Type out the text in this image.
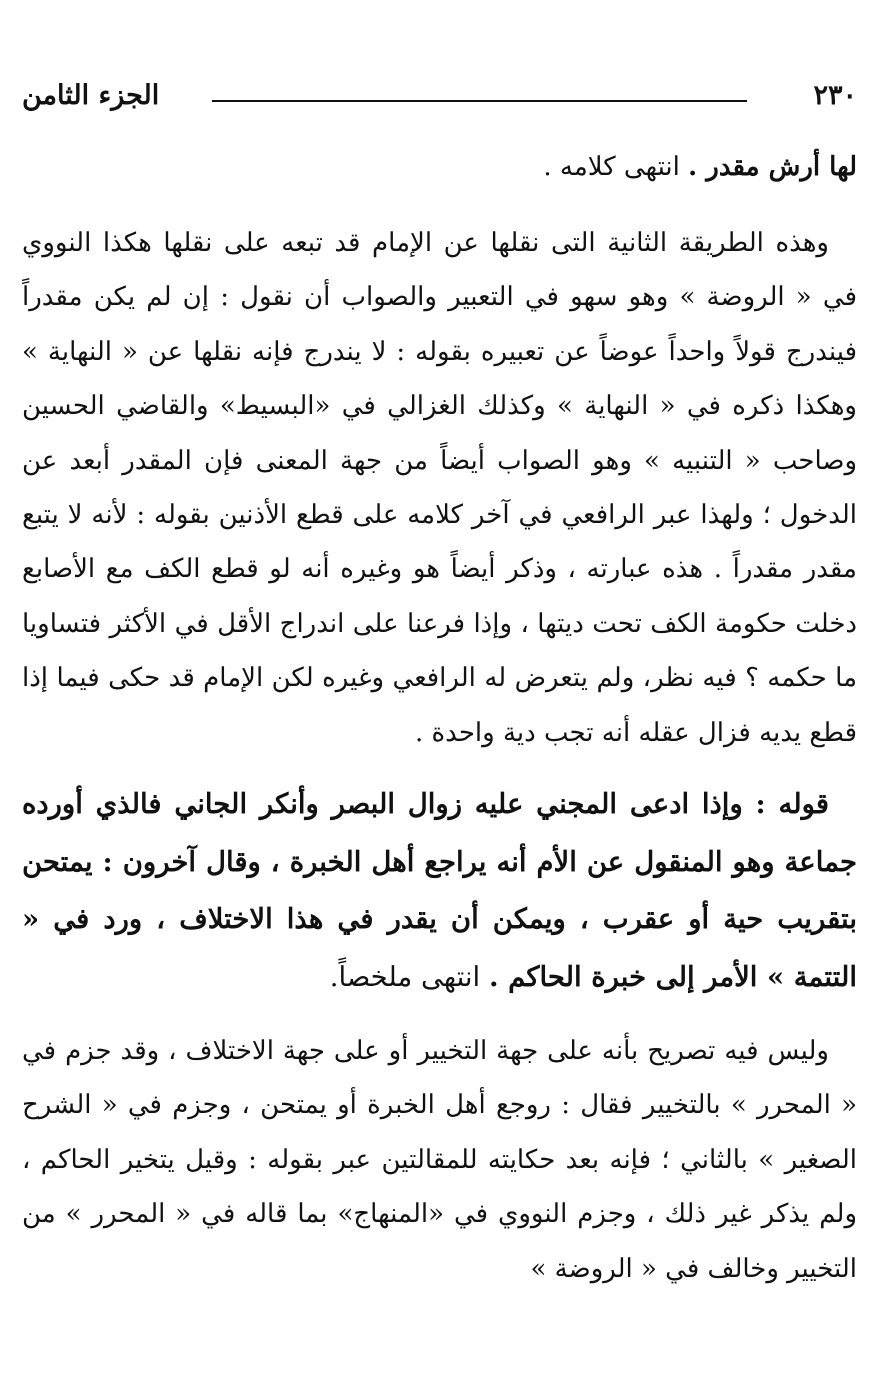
٢٣٠
الجزء الثامن

لها أرش مقدر . انتهى كلامه .

وهذه الطريقة الثانية التى نقلها عن الإمام قد تبعه على نقلها هكذا النووي في « الروضة » وهو سهو في التعبير والصواب أن نقول : إن لم يكن مقدراً فيندرج قولاً واحداً عوضاً عن تعبيره بقوله : لا يندرج فإنه نقلها عن « النهاية » وهكذا ذكره في « النهاية » وكذلك الغزالي في «البسيط» والقاضي الحسين وصاحب « التنبيه » وهو الصواب أيضاً من جهة المعنى فإن المقدر أبعد عن الدخول ؛ ولهذا عبر الرافعي في آخر كلامه على قطع الأذنين بقوله : لأنه لا يتبع مقدر مقدراً . هذه عبارته ، وذكر أيضاً هو وغيره أنه لو قطع الكف مع الأصابع دخلت حكومة الكف تحت ديتها ، وإذا فرعنا على اندراج الأقل في الأكثر فتساويا ما حكمه ؟ فيه نظر، ولم يتعرض له الرافعي وغيره لكن الإمام قد حكى فيما إذا قطع يديه فزال عقله أنه تجب دية واحدة .

قوله : وإذا ادعى المجني عليه زوال البصر وأنكر الجاني فالذي أورده جماعة وهو المنقول عن الأم أنه يراجع أهل الخبرة ، وقال آخرون : يمتحن بتقريب حية أو عقرب ، ويمكن أن يقدر في هذا الاختلاف ، ورد في « التتمة » الأمر إلى خبرة الحاكم . انتهى ملخصاً.

وليس فيه تصريح بأنه على جهة التخيير أو على جهة الاختلاف ، وقد جزم في « المحرر » بالتخيير فقال : روجع أهل الخبرة أو يمتحن ، وجزم في « الشرح الصغير » بالثاني ؛ فإنه بعد حكايته للمقالتين عبر بقوله : وقيل يتخير الحاكم ، ولم يذكر غير ذلك ، وجزم النووي في «المنهاج» بما قاله في « المحرر » من التخيير وخالف في « الروضة »
